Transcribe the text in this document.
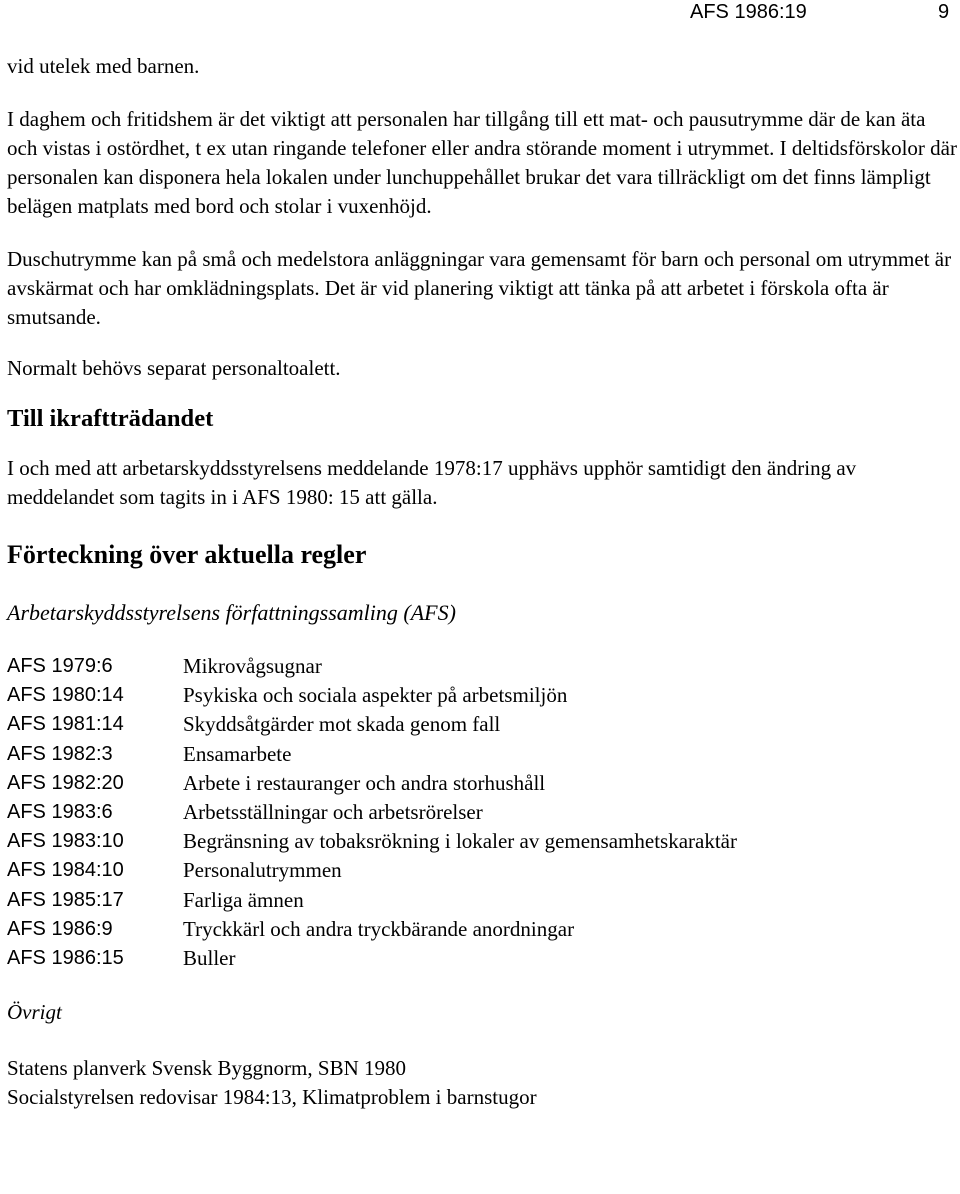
AFS 1986:19	9

vid utelek med barnen.

I daghem och fritidshem är det viktigt att personalen har tillgång till ett mat- och pausutrymme där de kan äta och vistas i ostördhet, t ex utan ringande telefoner eller andra störande moment i utrymmet. I deltidsförskolor där personalen kan disponera hela lokalen under lunchuppehållet brukar det vara tillräckligt om det finns lämpligt belägen matplats med bord och stolar i vuxenhöjd.

Duschutrymme kan på små och medelstora anläggningar vara gemensamt för barn och personal om utrymmet är avskärmat och har omklädningsplats. Det är vid planering viktigt att tänka på att arbetet i förskola ofta är smutsande.

Normalt behövs separat personaltoalett.

Till ikraftträdandet

I och med att arbetarskyddsstyrelsens meddelande 1978:17 upphävs upphör samtidigt den ändring av meddelandet som tagits in i AFS 1980: 15 att gälla.

Förteckning över aktuella regler
Arbetarskyddsstyrelsens författningssamling (AFS)
AFS 1979:6	Mikrovågsugnar
AFS 1980:14	Psykiska och sociala aspekter på arbetsmiljön
AFS 1981:14	Skyddsåtgärder mot skada genom fall
AFS 1982:3	Ensamarbete
AFS 1982:20	Arbete i restauranger och andra storhushåll
AFS 1983:6	Arbetsställningar och arbetsrörelser
AFS 1983:10	Begränsning av tobaksrökning i lokaler av gemensamhetskaraktär
AFS 1984:10	Personalutrymmen
AFS 1985:17	Farliga ämnen
AFS 1986:9	Tryckkärl och andra tryckbärande anordningar
AFS 1986:15	Buller
Övrigt
Statens planverk Svensk Byggnorm, SBN 1980
Socialstyrelsen redovisar 1984:13, Klimatproblem i barnstugor
